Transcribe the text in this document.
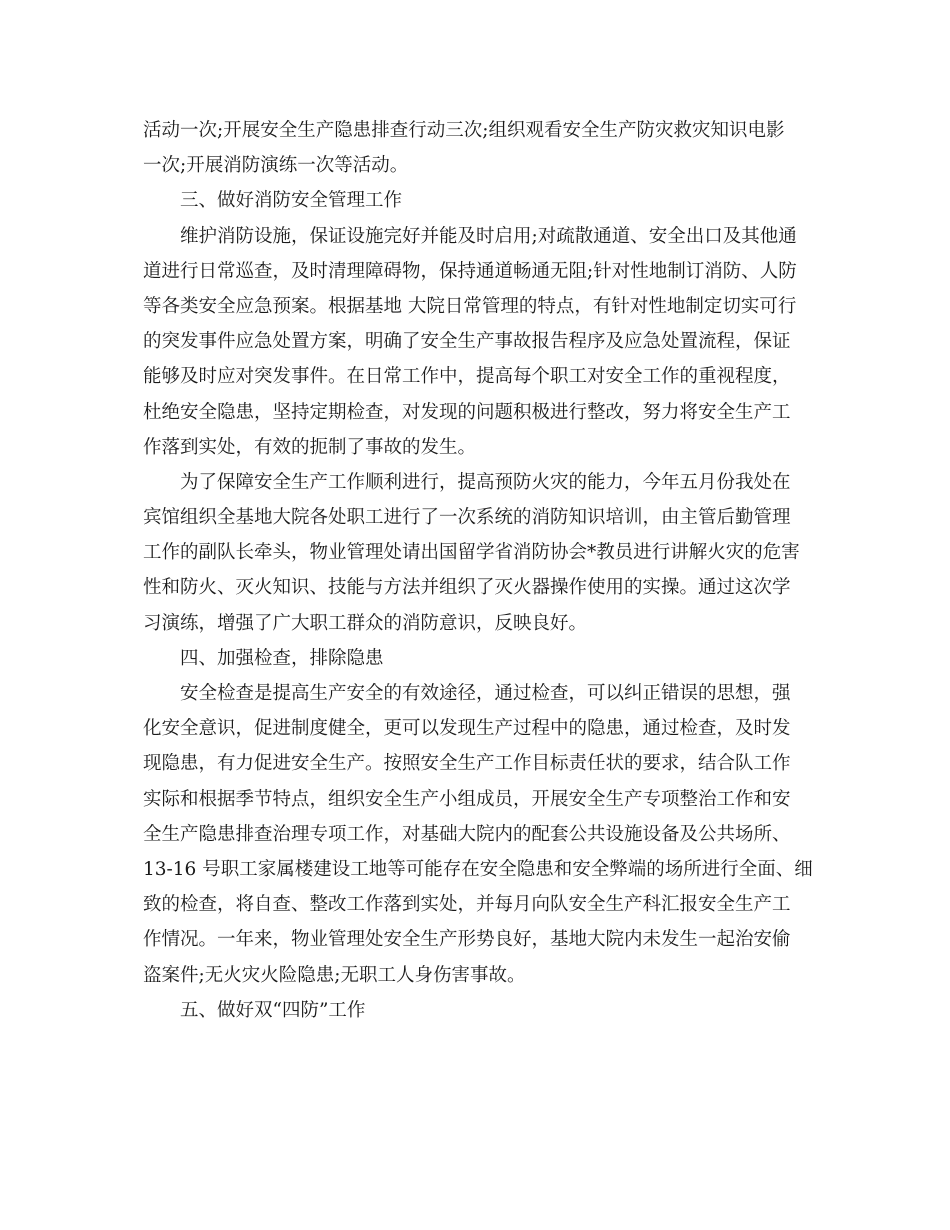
活动一次;开展安全生产隐患排查行动三次;组织观看安全生产防灾救灾知识电影
一次;开展消防演练一次等活动。
三、做好消防安全管理工作
维护消防设施，保证设施完好并能及时启用;对疏散通道、安全出口及其他通
道进行日常巡查，及时清理障碍物，保持通道畅通无阻;针对性地制订消防、人防
等各类安全应急预案。根据基地 大院日常管理的特点，有针对性地制定切实可行
的突发事件应急处置方案，明确了安全生产事故报告程序及应急处置流程，保证
能够及时应对突发事件。在日常工作中，提高每个职工对安全工作的重视程度，
杜绝安全隐患，坚持定期检查，对发现的问题积极进行整改，努力将安全生产工
作落到实处，有效的扼制了事故的发生。
为了保障安全生产工作顺利进行，提高预防火灾的能力，今年五月份我处在
宾馆组织全基地大院各处职工进行了一次系统的消防知识培训，由主管后勤管理
工作的副队长牵头，物业管理处请出国留学省消防协会*教员进行讲解火灾的危害
性和防火、灭火知识、技能与方法并组织了灭火器操作使用的实操。通过这次学
习演练，增强了广大职工群众的消防意识，反映良好。
四、加强检查，排除隐患
安全检查是提高生产安全的有效途径，通过检查，可以纠正错误的思想，强
化安全意识，促进制度健全，更可以发现生产过程中的隐患，通过检查，及时发
现隐患，有力促进安全生产。按照安全生产工作目标责任状的要求，结合队工作
实际和根据季节特点，组织安全生产小组成员，开展安全生产专项整治工作和安
全生产隐患排查治理专项工作，对基础大院内的配套公共设施设备及公共场所、
13-16 号职工家属楼建设工地等可能存在安全隐患和安全弊端的场所进行全面、细
致的检查，将自查、整改工作落到实处，并每月向队安全生产科汇报安全生产工
作情况。一年来，物业管理处安全生产形势良好，基地大院内未发生一起治安偷
盗案件;无火灾火险隐患;无职工人身伤害事故。
五、做好双“四防”工作
